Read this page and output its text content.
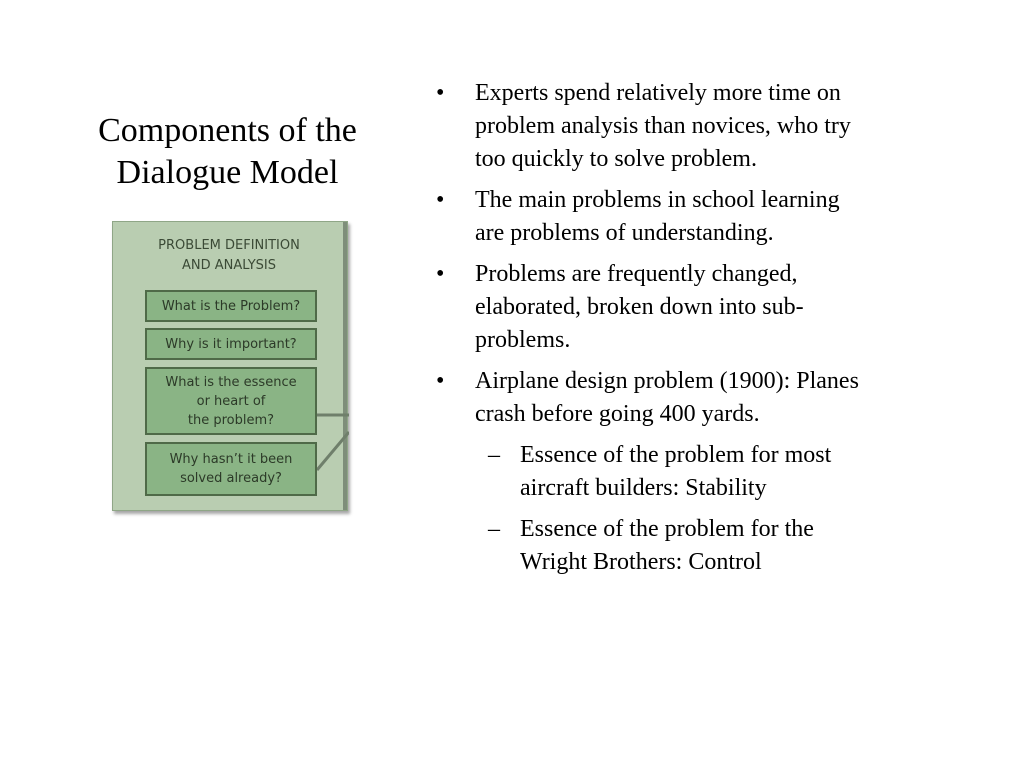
Components of the
Dialogue Model
PROBLEM DEFINITION
AND ANALYSIS
What is the Problem?
Why is it important?
What is the essence
or heart of
the problem?
Why hasn’t it been
solved already?
• Experts spend relatively more time on
problem analysis than novices, who try
too quickly to solve problem.
• The main problems in school learning
are problems of understanding.
• Problems are frequently changed,
elaborated, broken down into sub-
problems.
• Airplane design problem (1900): Planes
crash before going 400 yards.
– Essence of the problem for most
aircraft builders: Stability
– Essence of the problem for the
Wright Brothers: Control
